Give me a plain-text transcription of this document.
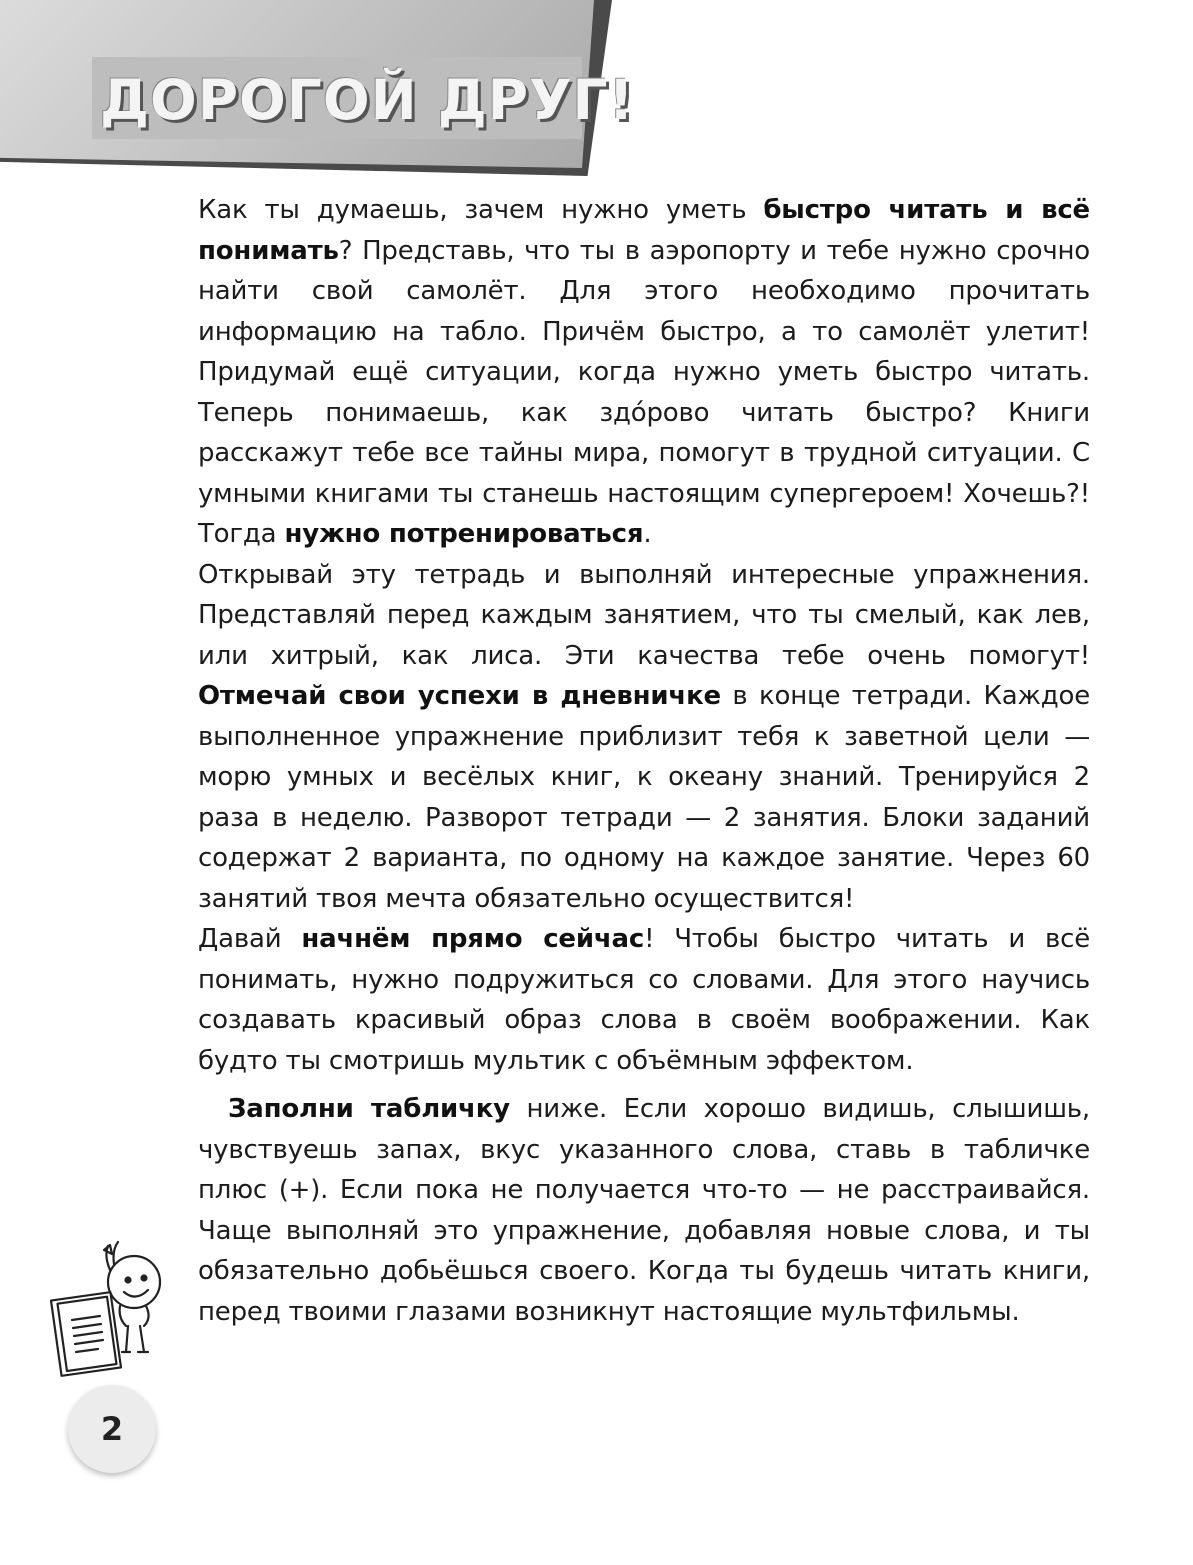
ДОРОГОЙ ДРУГ!

Как ты думаешь, зачем нужно уметь быстро читать и всё понимать? Представь, что ты в аэропорту и тебе нужно срочно найти свой самолёт. Для этого необходимо прочитать информацию на табло. Причём быстро, а то самолёт улетит! Придумай ещё ситуации, когда нужно уметь быстро читать. Теперь понимаешь, как здóрово читать быстро? Книги расскажут тебе все тайны мира, помогут в трудной ситуации. С умными книгами ты станешь настоящим супергероем! Хочешь?! Тогда нужно потренироваться.

Открывай эту тетрадь и выполняй интересные упражнения. Представляй перед каждым занятием, что ты смелый, как лев, или хитрый, как лиса. Эти качества тебе очень помогут! Отмечай свои успехи в дневничке в конце тетради. Каждое выполненное упражнение приблизит тебя к заветной цели — морю умных и весёлых книг, к океану знаний. Тренируйся 2 раза в неделю. Разворот тетради — 2 занятия. Блоки заданий содержат 2 варианта, по одному на каждое занятие. Через 60 занятий твоя мечта обязательно осуществится!

Давай начнём прямо сейчас! Чтобы быстро читать и всё понимать, нужно подружиться со словами. Для этого научись создавать красивый образ слова в своём воображении. Как будто ты смотришь мультик с объёмным эффектом.

Заполни табличку ниже. Если хорошо видишь, слышишь, чувствуешь запах, вкус указанного слова, ставь в табличке плюс (+). Если пока не получается что-то — не расстраивайся. Чаще выполняй это упражнение, добавляя новые слова, и ты обязательно добьёшься своего. Когда ты будешь читать книги, перед твоими глазами возникнут настоящие мультфильмы.

2
